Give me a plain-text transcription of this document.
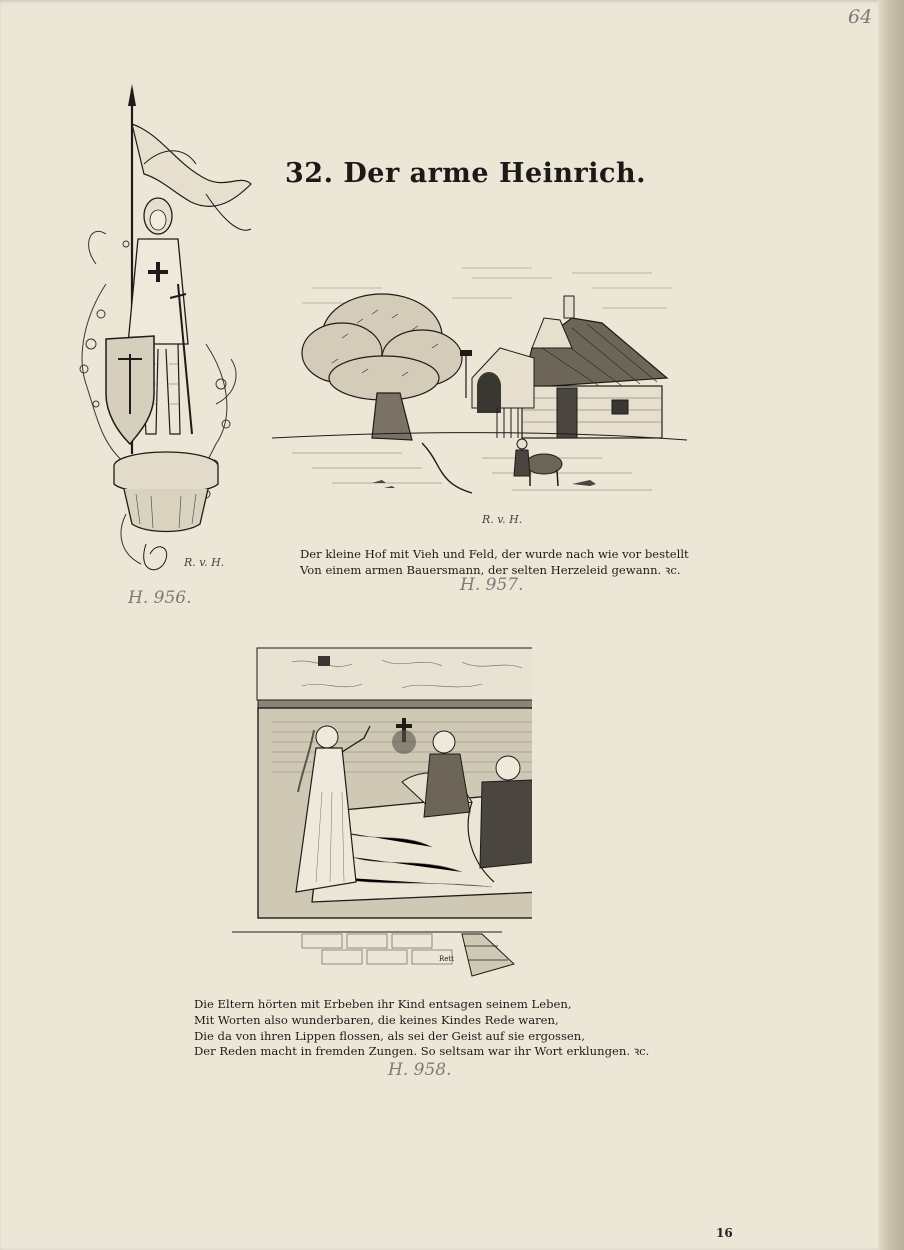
64
32. Der arme Heinrich.
R. v. H.
H. 956.
R. v. H.
Der kleine Hof mit Vieh und Feld, der wurde nach wie vor bestellt
Von einem armen Bauersmann, der selten Herzeleid gewann. ꝛc.
H. 957.
Rett
Die Eltern hörten mit Erbeben ihr Kind entsagen seinem Leben,
Mit Worten also wunderbaren, die keines Kindes Rede waren,
Die da von ihren Lippen flossen, als sei der Geist auf sie ergossen,
Der Reden macht in fremden Zungen. So seltsam war ihr Wort erklungen. ꝛc.
H. 958.
16
